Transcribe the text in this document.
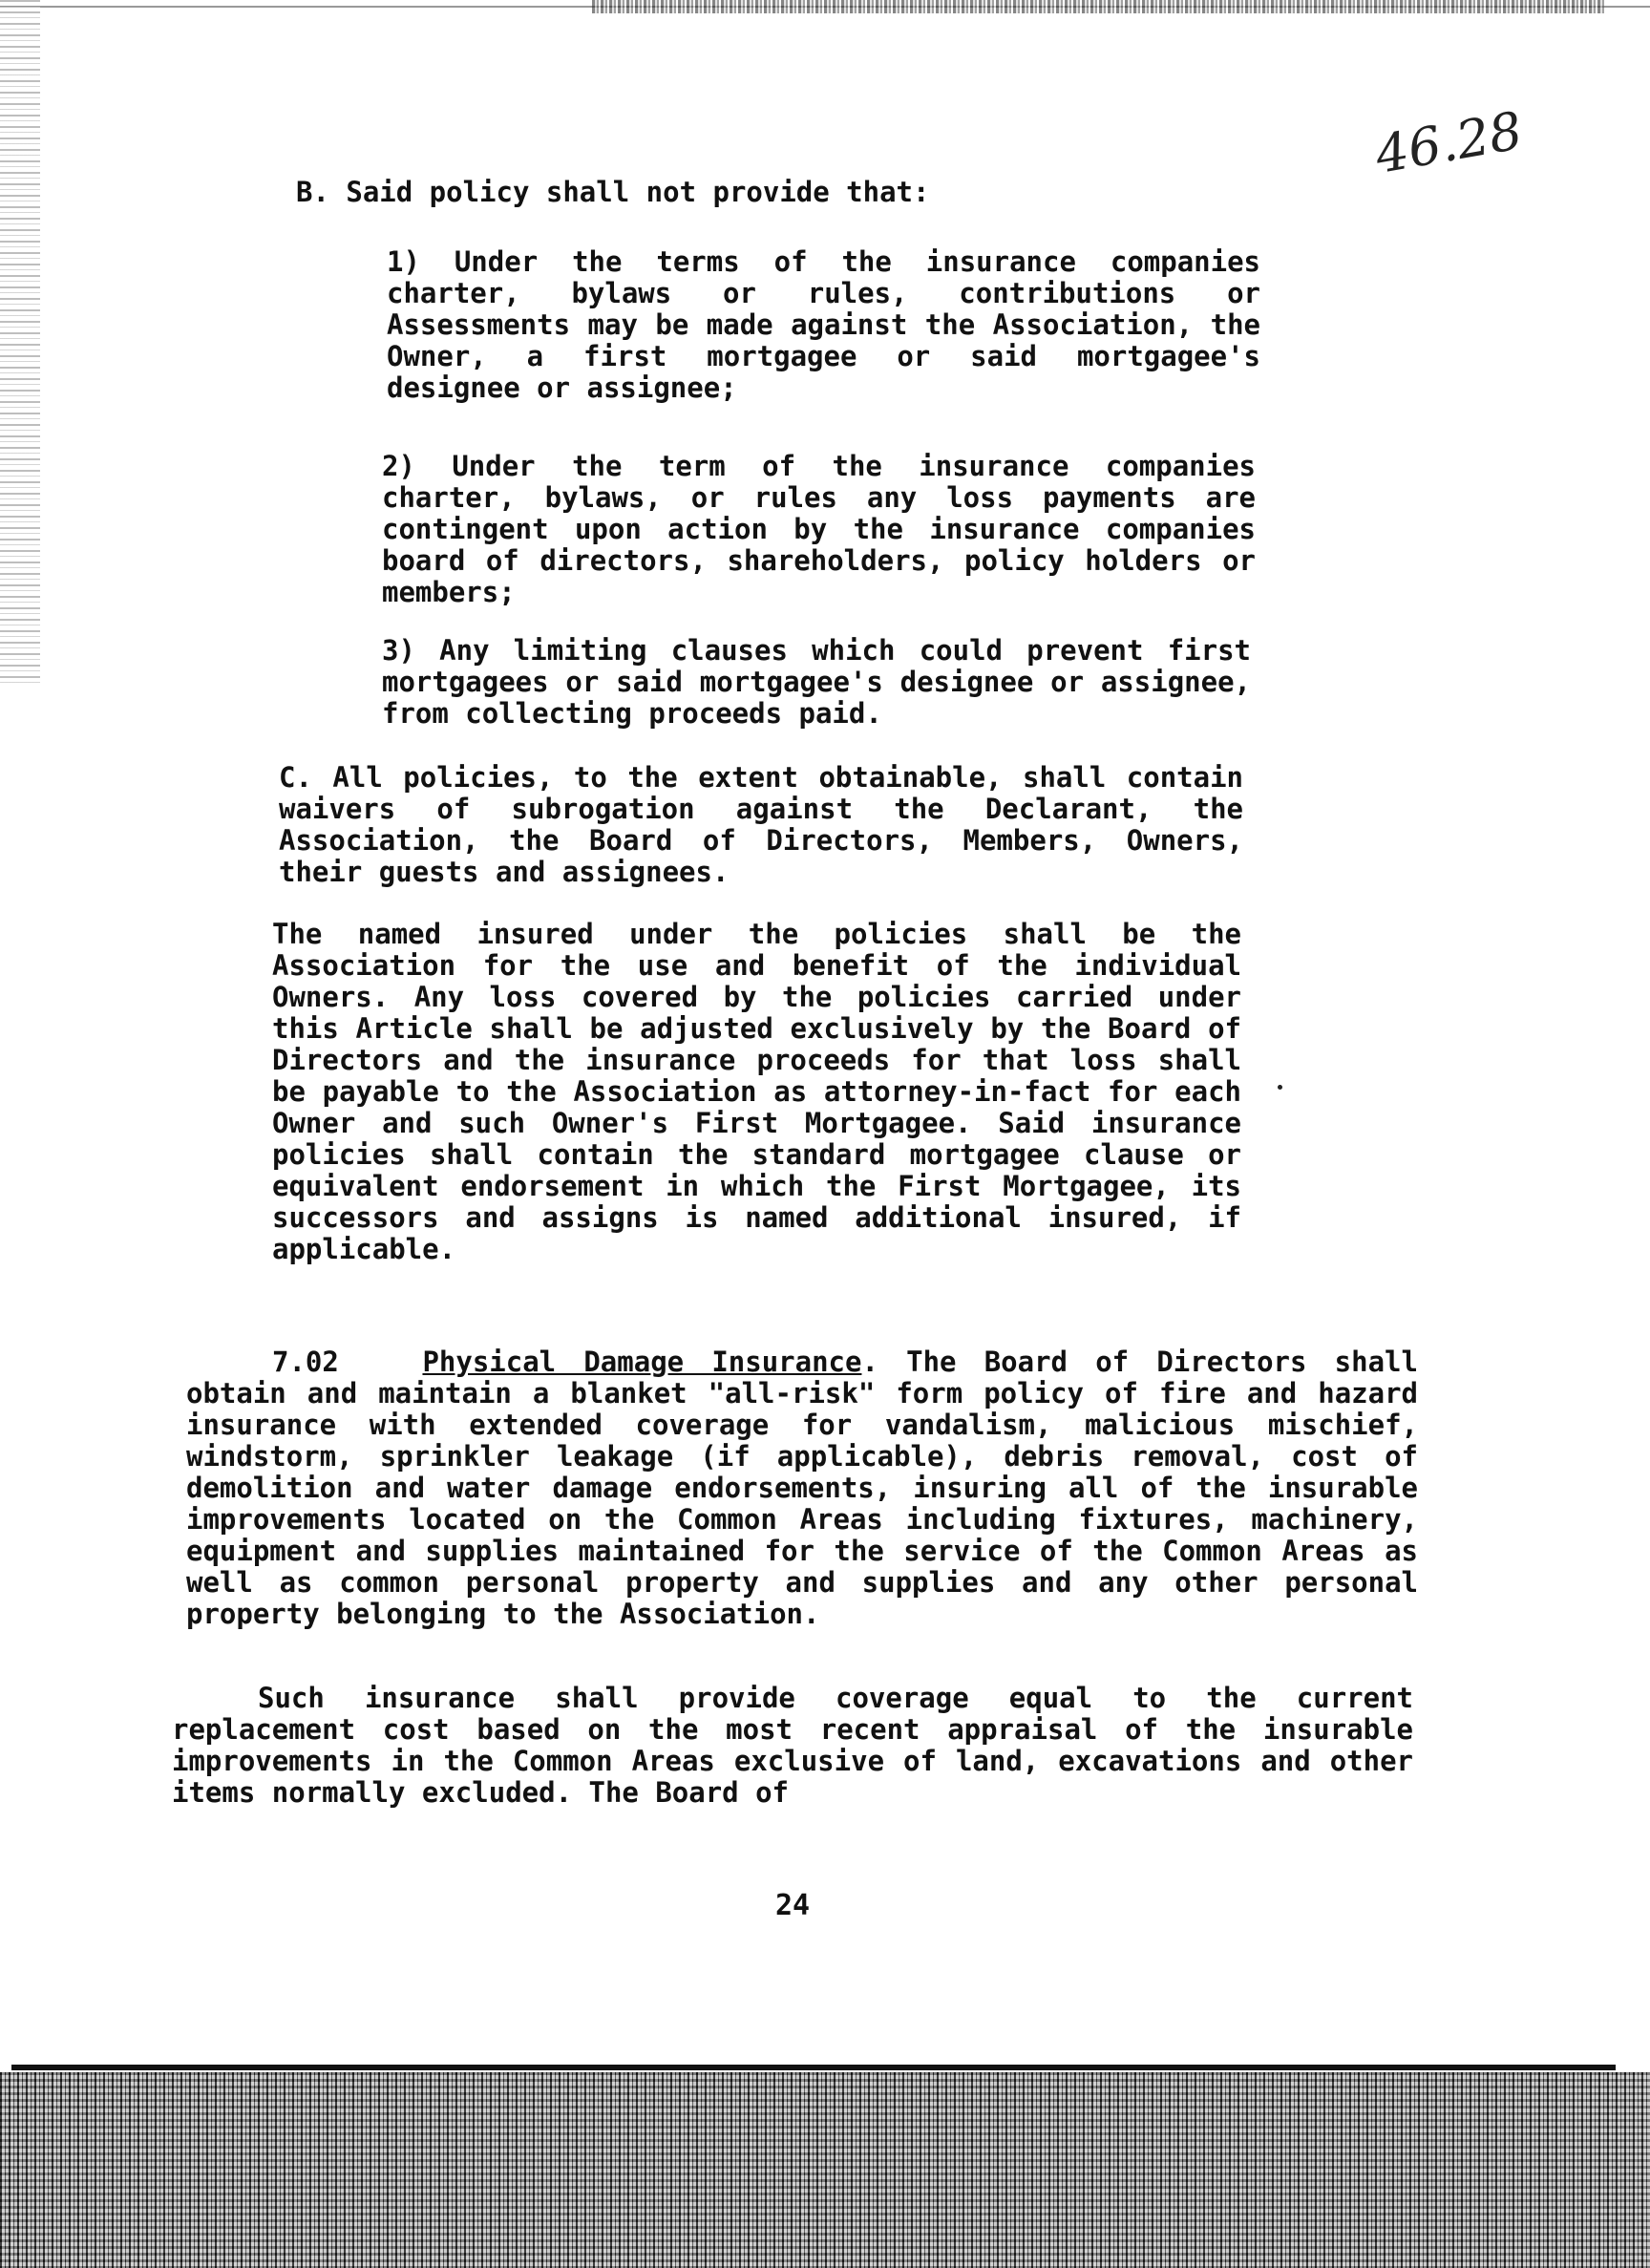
46.28
B. Said policy shall not provide that:
1) Under the terms of the insurance companies charter, bylaws or rules, contributions or Assessments may be made against the Association, the Owner, a first mortgagee or said mortgagee's designee or assignee;
2) Under the term of the insurance companies charter, bylaws, or rules any loss payments are contingent upon action by the insurance companies board of directors, shareholders, policy holders or members;
3) Any limiting clauses which could prevent first mortgagees or said mortgagee's designee or assignee, from collecting proceeds paid.
C. All policies, to the extent obtainable, shall contain waivers of subrogation against the Declarant, the Association, the Board of Directors, Members, Owners, their guests and assignees.
The named insured under the policies shall be the Association for the use and benefit of the individual Owners. Any loss covered by the policies carried under this Article shall be adjusted exclusively by the Board of Directors and the insurance proceeds for that loss shall be payable to the Association as attorney-in-fact for each Owner and such Owner's First Mortgagee. Said insurance policies shall contain the standard mortgagee clause or equivalent endorsement in which the First Mortgagee, its successors and assigns is named additional insured, if applicable.
7.02	Physical Damage Insurance. The Board of Directors shall obtain and maintain a blanket "all-risk" form policy of fire and hazard insurance with extended coverage for vandalism, malicious mischief, windstorm, sprinkler leakage (if applicable), debris removal, cost of demolition and water damage endorsements, insuring all of the insurable improvements located on the Common Areas including fixtures, machinery, equipment and supplies maintained for the service of the Common Areas as well as common personal property and supplies and any other personal property belonging to the Association.
Such insurance shall provide coverage equal to the current replacement cost based on the most recent appraisal of the insurable improvements in the Common Areas exclusive of land, excavations and other items normally excluded. The Board of
24
